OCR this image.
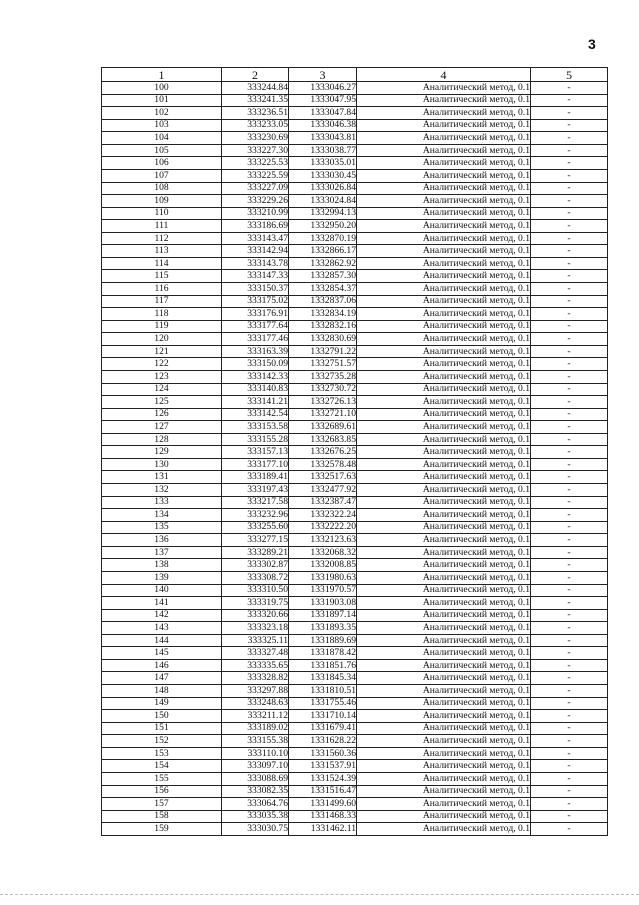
3
1	2	3	4	5
100	333244.84	1333046.27	Аналитический метод, 0.1	-
101	333241.35	1333047.95	Аналитический метод, 0.1	-
102	333236.51	1333047.84	Аналитический метод, 0.1	-
103	333233.05	1333046.38	Аналитический метод, 0.1	-
104	333230.69	1333043.81	Аналитический метод, 0.1	-
105	333227.30	1333038.77	Аналитический метод, 0.1	-
106	333225.53	1333035.01	Аналитический метод, 0.1	-
107	333225.59	1333030.45	Аналитический метод, 0.1	-
108	333227.09	1333026.84	Аналитический метод, 0.1	-
109	333229.26	1333024.84	Аналитический метод, 0.1	-
110	333210.99	1332994.13	Аналитический метод, 0.1	-
111	333186.69	1332950.20	Аналитический метод, 0.1	-
112	333143.47	1332870.19	Аналитический метод, 0.1	-
113	333142.94	1332866.17	Аналитический метод, 0.1	-
114	333143.78	1332862.92	Аналитический метод, 0.1	-
115	333147.33	1332857.30	Аналитический метод, 0.1	-
116	333150.37	1332854.37	Аналитический метод, 0.1	-
117	333175.02	1332837.06	Аналитический метод, 0.1	-
118	333176.91	1332834.19	Аналитический метод, 0.1	-
119	333177.64	1332832.16	Аналитический метод, 0.1	-
120	333177.46	1332830.69	Аналитический метод, 0.1	-
121	333163.39	1332791.22	Аналитический метод, 0.1	-
122	333150.09	1332751.57	Аналитический метод, 0.1	-
123	333142.33	1332735.28	Аналитический метод, 0.1	-
124	333140.83	1332730.72	Аналитический метод, 0.1	-
125	333141.21	1332726.13	Аналитический метод, 0.1	-
126	333142.54	1332721.10	Аналитический метод, 0.1	-
127	333153.58	1332689.61	Аналитический метод, 0.1	-
128	333155.28	1332683.85	Аналитический метод, 0.1	-
129	333157.13	1332676.25	Аналитический метод, 0.1	-
130	333177.10	1332578.48	Аналитический метод, 0.1	-
131	333189.41	1332517.63	Аналитический метод, 0.1	-
132	333197.43	1332477.92	Аналитический метод, 0.1	-
133	333217.58	1332387.47	Аналитический метод, 0.1	-
134	333232.96	1332322.24	Аналитический метод, 0.1	-
135	333255.60	1332222.20	Аналитический метод, 0.1	-
136	333277.15	1332123.63	Аналитический метод, 0.1	-
137	333289.21	1332068.32	Аналитический метод, 0.1	-
138	333302.87	1332008.85	Аналитический метод, 0.1	-
139	333308.72	1331980.63	Аналитический метод, 0.1	-
140	333310.50	1331970.57	Аналитический метод, 0.1	-
141	333319.75	1331903.08	Аналитический метод, 0.1	-
142	333320.66	1331897.14	Аналитический метод, 0.1	-
143	333323.18	1331893.35	Аналитический метод, 0.1	-
144	333325.11	1331889.69	Аналитический метод, 0.1	-
145	333327.48	1331878.42	Аналитический метод, 0.1	-
146	333335.65	1331851.76	Аналитический метод, 0.1	-
147	333328.82	1331845.34	Аналитический метод, 0.1	-
148	333297.88	1331810.51	Аналитический метод, 0.1	-
149	333248.63	1331755.46	Аналитический метод, 0.1	-
150	333211.12	1331710.14	Аналитический метод, 0.1	-
151	333189.02	1331679.41	Аналитический метод, 0.1	-
152	333155.38	1331628.22	Аналитический метод, 0.1	-
153	333110.10	1331560.36	Аналитический метод, 0.1	-
154	333097.10	1331537.91	Аналитический метод, 0.1	-
155	333088.69	1331524.39	Аналитический метод, 0.1	-
156	333082.35	1331516.47	Аналитический метод, 0.1	-
157	333064.76	1331499.60	Аналитический метод, 0.1	-
158	333035.38	1331468.33	Аналитический метод, 0.1	-
159	333030.75	1331462.11	Аналитический метод, 0.1	-
